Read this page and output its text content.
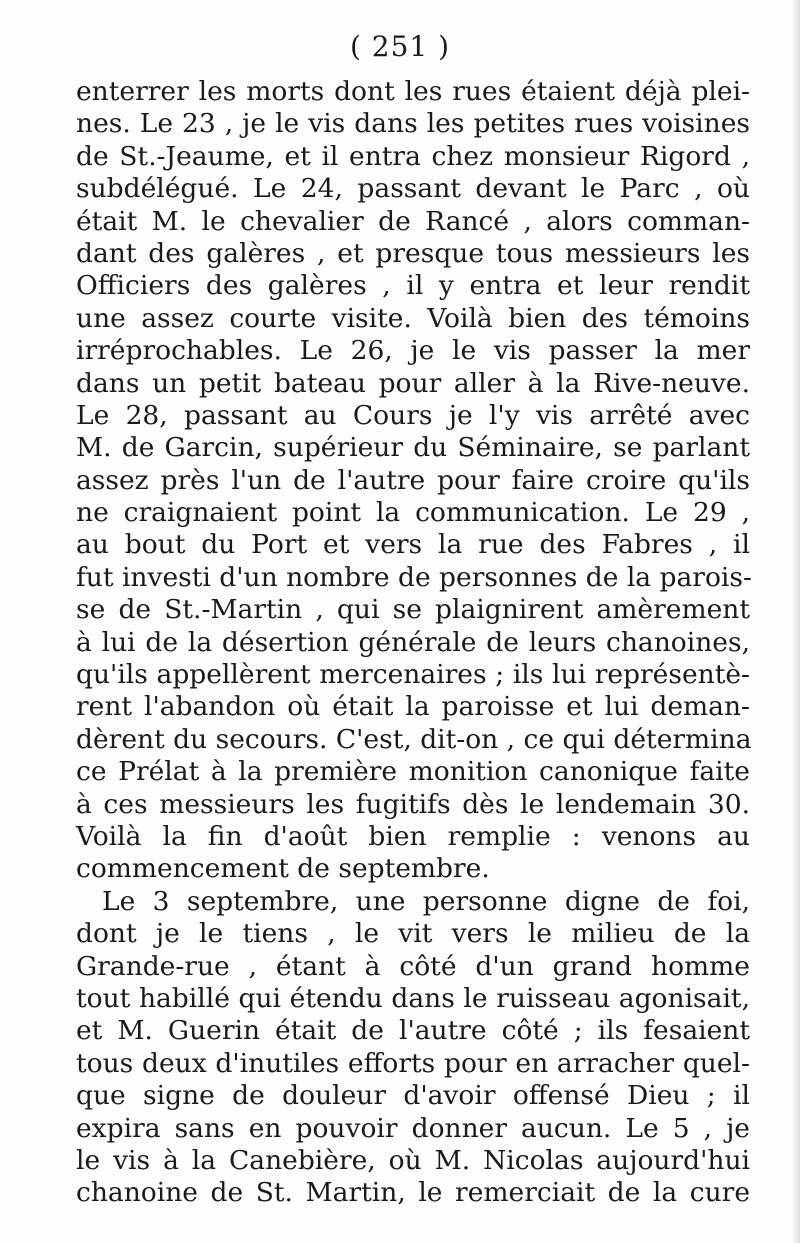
( 251 )
enterrer les morts dont les rues étaient déjà plei-
nes. Le 23 , je le vis dans les petites rues voisines
de St.-Jeaume, et il entra chez monsieur Rigord ,
subdélégué. Le 24, passant devant le Parc , où
était M. le chevalier de Rancé , alors comman-
dant des galères , et presque tous messieurs les
Officiers des galères , il y entra et leur rendit
une assez courte visite. Voilà bien des témoins
irréprochables. Le 26, je le vis passer la mer
dans un petit bateau pour aller à la Rive-neuve.
Le 28, passant au Cours je l'y vis arrêté avec
M. de Garcin, supérieur du Séminaire, se parlant
assez près l'un de l'autre pour faire croire qu'ils
ne craignaient point la communication. Le 29 ,
au bout du Port et vers la rue des Fabres , il
fut investi d'un nombre de personnes de la parois-
se de St.-Martin , qui se plaignirent amèrement
à lui de la désertion générale de leurs chanoines,
qu'ils appellèrent mercenaires ; ils lui représentè-
rent l'abandon où était la paroisse et lui deman-
dèrent du secours. C'est, dit-on , ce qui détermina
ce Prélat à la première monition canonique faite
à ces messieurs les fugitifs dès le lendemain 30.
Voilà la fin d'août bien remplie : venons au
commencement de septembre.
Le 3 septembre, une personne digne de foi,
dont je le tiens , le vit vers le milieu de la
Grande-rue , étant à côté d'un grand homme
tout habillé qui étendu dans le ruisseau agonisait,
et M. Guerin était de l'autre côté ; ils fesaient
tous deux d'inutiles efforts pour en arracher quel-
que signe de douleur d'avoir offensé Dieu ; il
expira sans en pouvoir donner aucun. Le 5 , je
le vis à la Canebière, où M. Nicolas aujourd'hui
chanoine de St. Martin, le remerciait de la cure
